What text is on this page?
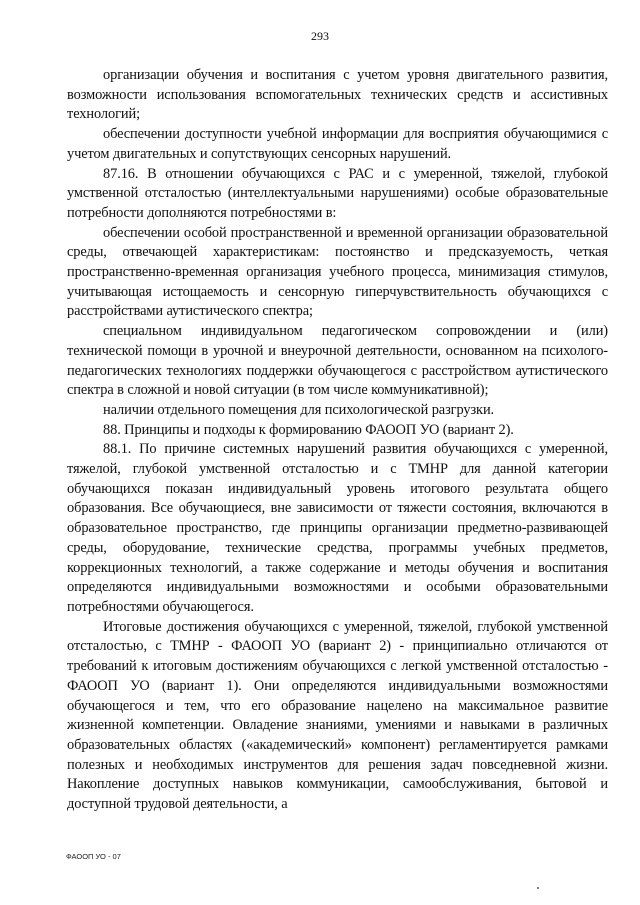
293

организации обучения и воспитания с учетом уровня двигательного развития, возможности использования вспомогательных технических средств и ассистивных технологий;

обеспечении доступности учебной информации для восприятия обучающимися с учетом двигательных и сопутствующих сенсорных нарушений.

87.16. В отношении обучающихся с РАС и с умеренной, тяжелой, глубокой умственной отсталостью (интеллектуальными нарушениями) особые образовательные потребности дополняются потребностями в:

обеспечении особой пространственной и временной организации образовательной среды, отвечающей характеристикам: постоянство и предсказуемость, четкая пространственно-временная организация учебного процесса, минимизация стимулов, учитывающая истощаемость и сенсорную гиперчувствительность обучающихся с расстройствами аутистического спектра;

специальном индивидуальном педагогическом сопровождении и (или) технической помощи в урочной и внеурочной деятельности, основанном на психолого-педагогических технологиях поддержки обучающегося с расстройством аутистического спектра в сложной и новой ситуации (в том числе коммуникативной);

наличии отдельного помещения для психологической разгрузки.

88. Принципы и подходы к формированию ФАООП УО (вариант 2).

88.1. По причине системных нарушений развития обучающихся с умеренной, тяжелой, глубокой умственной отсталостью и с ТМНР для данной категории обучающихся показан индивидуальный уровень итогового результата общего образования. Все обучающиеся, вне зависимости от тяжести состояния, включаются в образовательное пространство, где принципы организации предметно-развивающей среды, оборудование, технические средства, программы учебных предметов, коррекционных технологий, а также содержание и методы обучения и воспитания определяются индивидуальными возможностями и особыми образовательными потребностями обучающегося.

Итоговые достижения обучающихся с умеренной, тяжелой, глубокой умственной отсталостью, с ТМНР - ФАООП УО (вариант 2) - принципиально отличаются от требований к итоговым достижениям обучающихся с легкой умственной отсталостью - ФАООП УО (вариант 1). Они определяются индивидуальными возможностями обучающегося и тем, что его образование нацелено на максимальное развитие жизненной компетенции. Овладение знаниями, умениями и навыками в различных образовательных областях («академический» компонент) регламентируется рамками полезных и необходимых инструментов для решения задач повседневной жизни. Накопление доступных навыков коммуникации, самообслуживания, бытовой и доступной трудовой деятельности, а

ФАООП УО - 07
